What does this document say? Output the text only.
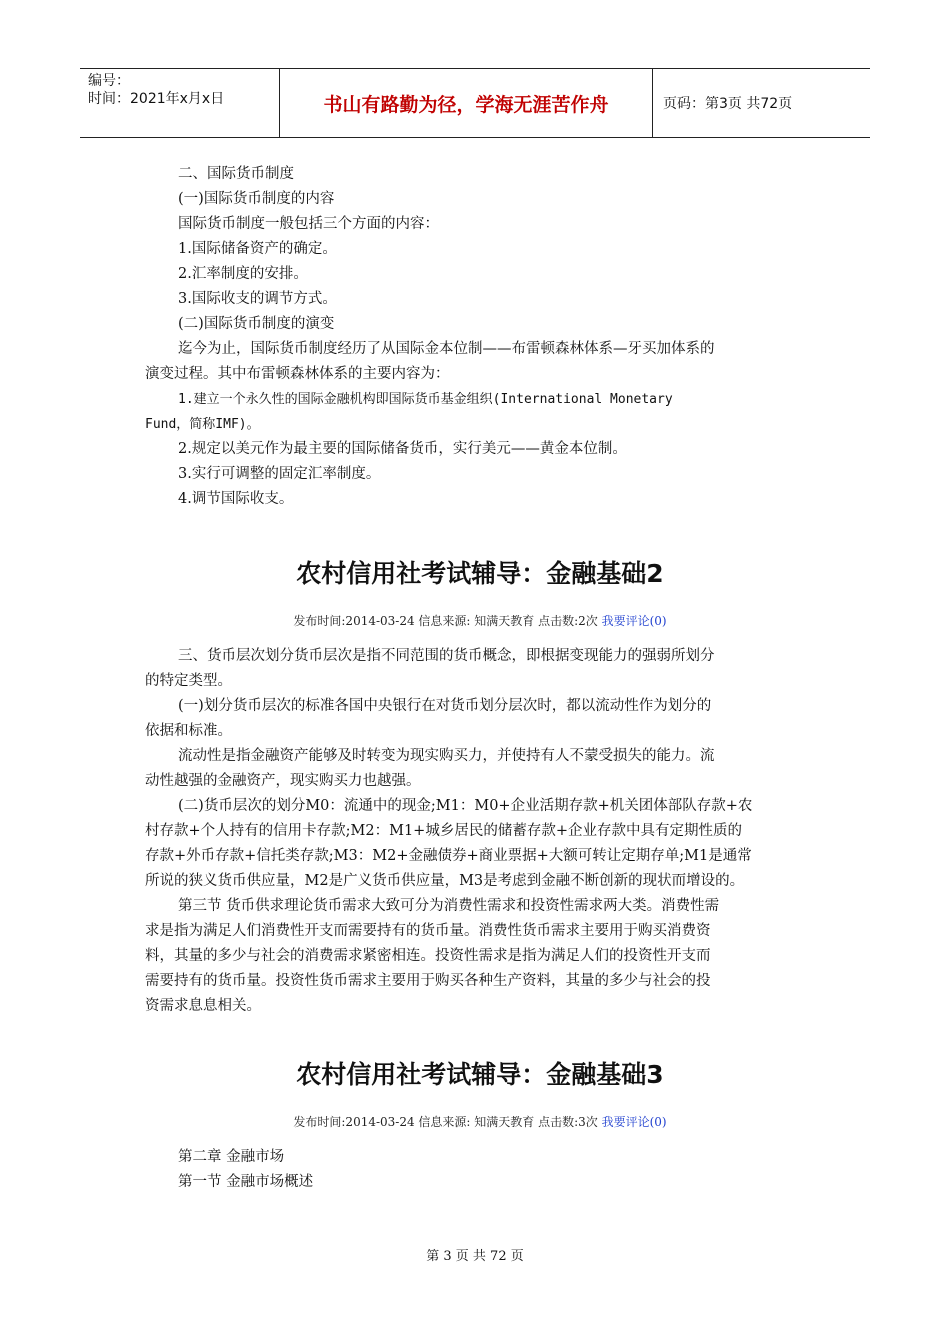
编号：
时间：2021年x月x日	书山有路勤为径，学海无涯苦作舟	页码：第3页 共72页

二、国际货币制度

(一)国际货币制度的内容

国际货币制度一般包括三个方面的内容：

1.国际储备资产的确定。

2.汇率制度的安排。

3.国际收支的调节方式。

(二)国际货币制度的演变

迄今为止，国际货币制度经历了从国际金本位制——布雷顿森林体系—牙买加体系的

演变过程。其中布雷顿森林体系的主要内容为：

1.建立一个永久性的国际金融机构即国际货币基金组织(International Monetary

Fund，简称IMF)。

2.规定以美元作为最主要的国际储备货币，实行美元——黄金本位制。

3.实行可调整的固定汇率制度。

4.调节国际收支。

农村信用社考试辅导：金融基础2
发布时间:2014-03-24 信息来源: 知满天教育 点击数:2次 我要评论(0)

三、货币层次划分货币层次是指不同范围的货币概念，即根据变现能力的强弱所划分

的特定类型。

(一)划分货币层次的标准各国中央银行在对货币划分层次时，都以流动性作为划分的

依据和标准。

流动性是指金融资产能够及时转变为现实购买力，并使持有人不蒙受损失的能力。流

动性越强的金融资产，现实购买力也越强。

(二)货币层次的划分M0：流通中的现金;M1：M0+企业活期存款+机关团体部队存款+农

村存款+个人持有的信用卡存款;M2：M1+城乡居民的储蓄存款+企业存款中具有定期性质的

存款+外币存款+信托类存款;M3：M2+金融债券+商业票据+大额可转让定期存单;M1是通常

所说的狭义货币供应量，M2是广义货币供应量，M3是考虑到金融不断创新的现状而增设的。

第三节 货币供求理论货币需求大致可分为消费性需求和投资性需求两大类。消费性需

求是指为满足人们消费性开支而需要持有的货币量。消费性货币需求主要用于购买消费资

料，其量的多少与社会的消费需求紧密相连。投资性需求是指为满足人们的投资性开支而

需要持有的货币量。投资性货币需求主要用于购买各种生产资料，其量的多少与社会的投

资需求息息相关。

农村信用社考试辅导：金融基础3
发布时间:2014-03-24 信息来源: 知满天教育 点击数:3次 我要评论(0)

第二章 金融市场

第一节 金融市场概述

第 3 页 共 72 页
